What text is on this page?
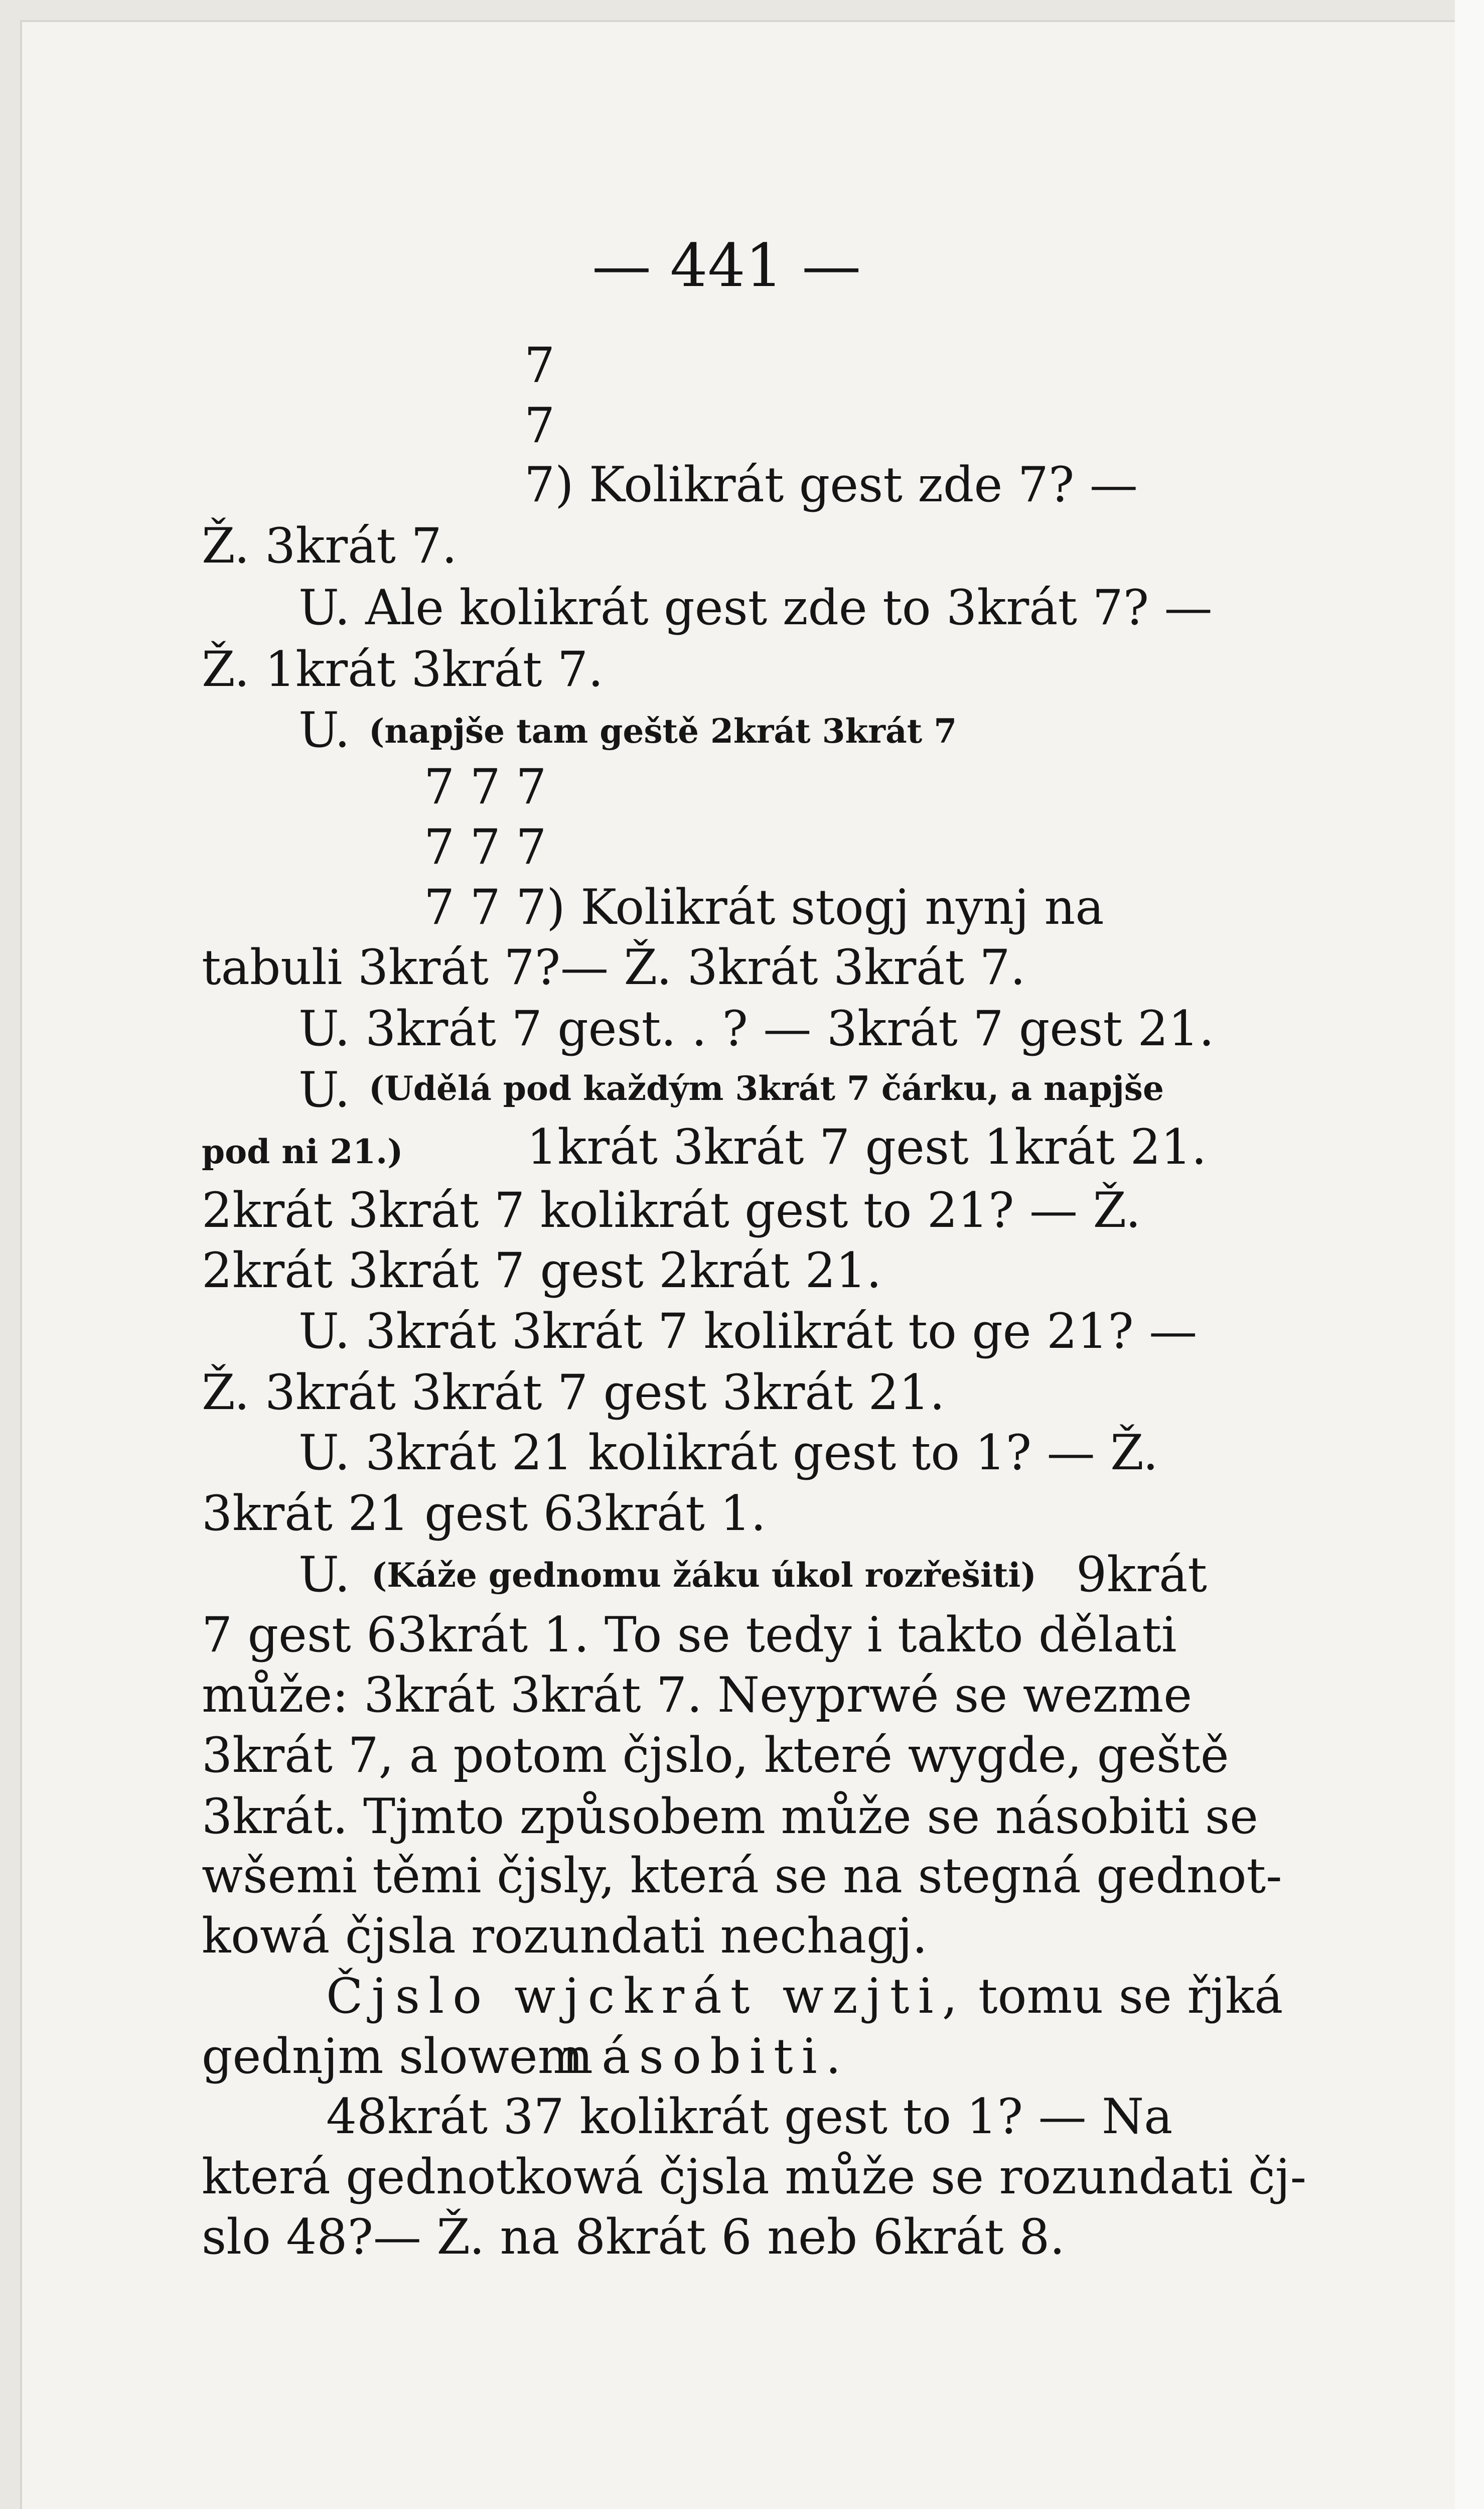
— 441 —
7
7
7) Kolikrát gest zde 7? —
Ž. 3krát 7.
U. Ale kolikrát gest zde to 3krát 7? —
Ž. 1krát 3krát 7.
U. (napjše tam geště 2krát 3krát 7
7 7 7
7 7 7
7 7 7) Kolikrát stogj nynj na
tabuli 3krát 7?— Ž. 3krát 3krát 7.
U. 3krát 7 gest. . ? — 3krát 7 gest 21.
U. (Udělá pod každým 3krát 7 čárku, a napjše
pod ni 21.)	1krát 3krát 7 gest 1krát 21.
2krát 3krát 7 kolikrát gest to 21? — Ž.
2krát 3krát 7 gest 2krát 21.
U. 3krát 3krát 7 kolikrát to ge 21? —
Ž. 3krát 3krát 7 gest 3krát 21.
U. 3krát 21 kolikrát gest to 1? — Ž.
3krát 21 gest 63krát 1.
U. (Káže gednomu žáku úkol rozřešiti) 9krát
7 gest 63krát 1. To se tedy i takto dělati
může: 3krát 3krát 7. Neyprwé se wezme
3krát 7, a potom čjslo, které wygde, geště
3krát. Tjmto způsobem může se násobiti se
wšemi těmi čjsly, která se na stegná gednot-
kowá čjsla rozundati nechagj.
Čjslo wjckrát wzjti, tomu se řjká
gednjm slowem
násobiti.
48krát 37 kolikrát gest to 1? — Na
která gednotkowá čjsla může se rozundati čj-
slo 48?— Ž. na 8krát 6 neb 6krát 8.
